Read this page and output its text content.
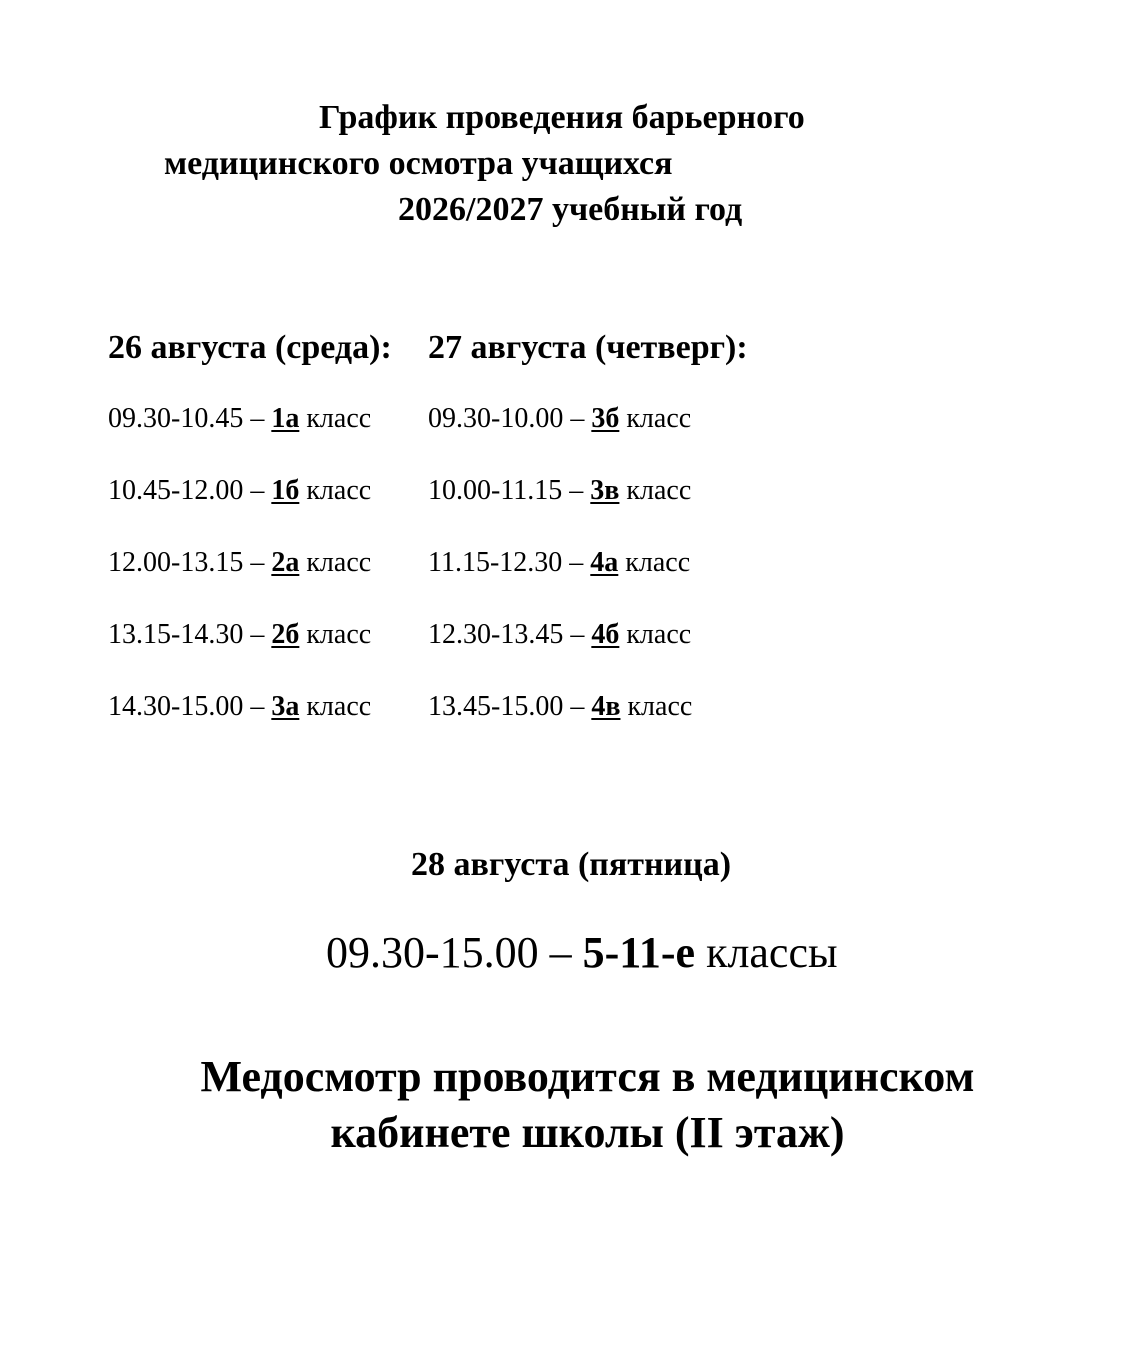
График проведения барьерного
медицинского осмотра учащихся
2026/2027 учебный год
26 августа (среда): 27 августа (четверг):
09.30-10.45 – 1а класс
10.45-12.00 – 1б класс
12.00-13.15 – 2а класс
13.15-14.30 – 2б класс
14.30-15.00 – 3а класс
09.30-10.00 – 3б класс
10.00-11.15 – 3в класс
11.15-12.30 – 4а класс
12.30-13.45 – 4б класс
13.45-15.00 – 4в класс
28 августа (пятница)
09.30-15.00 – 5-11-е классы
Медосмотр проводится в медицинском
кабинете школы (II этаж)
